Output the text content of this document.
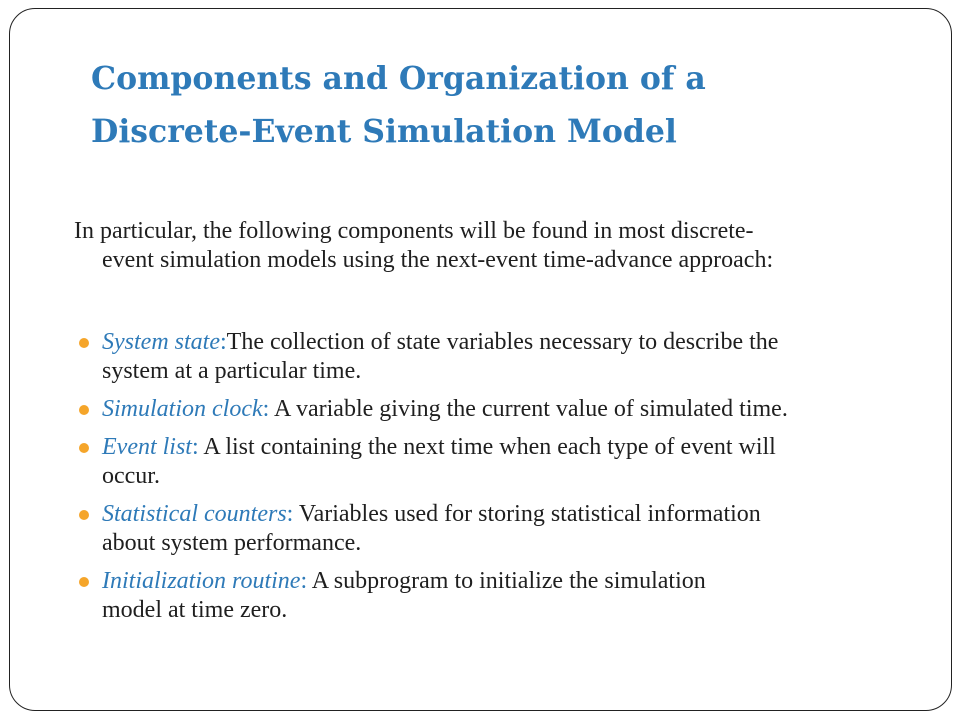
Components and Organization of a
Discrete-Event Simulation Model

In particular, the following components will be found in most discrete-
event simulation models using the next-event time-advance approach:

System state:The collection of state variables necessary to describe the
system at a particular time.
Simulation clock: A variable giving the current value of simulated time.
Event list: A list containing the next time when each type of event will
occur.
Statistical counters: Variables used for storing statistical information
about system performance.
Initialization routine: A subprogram to initialize the simulation
model at time zero.
